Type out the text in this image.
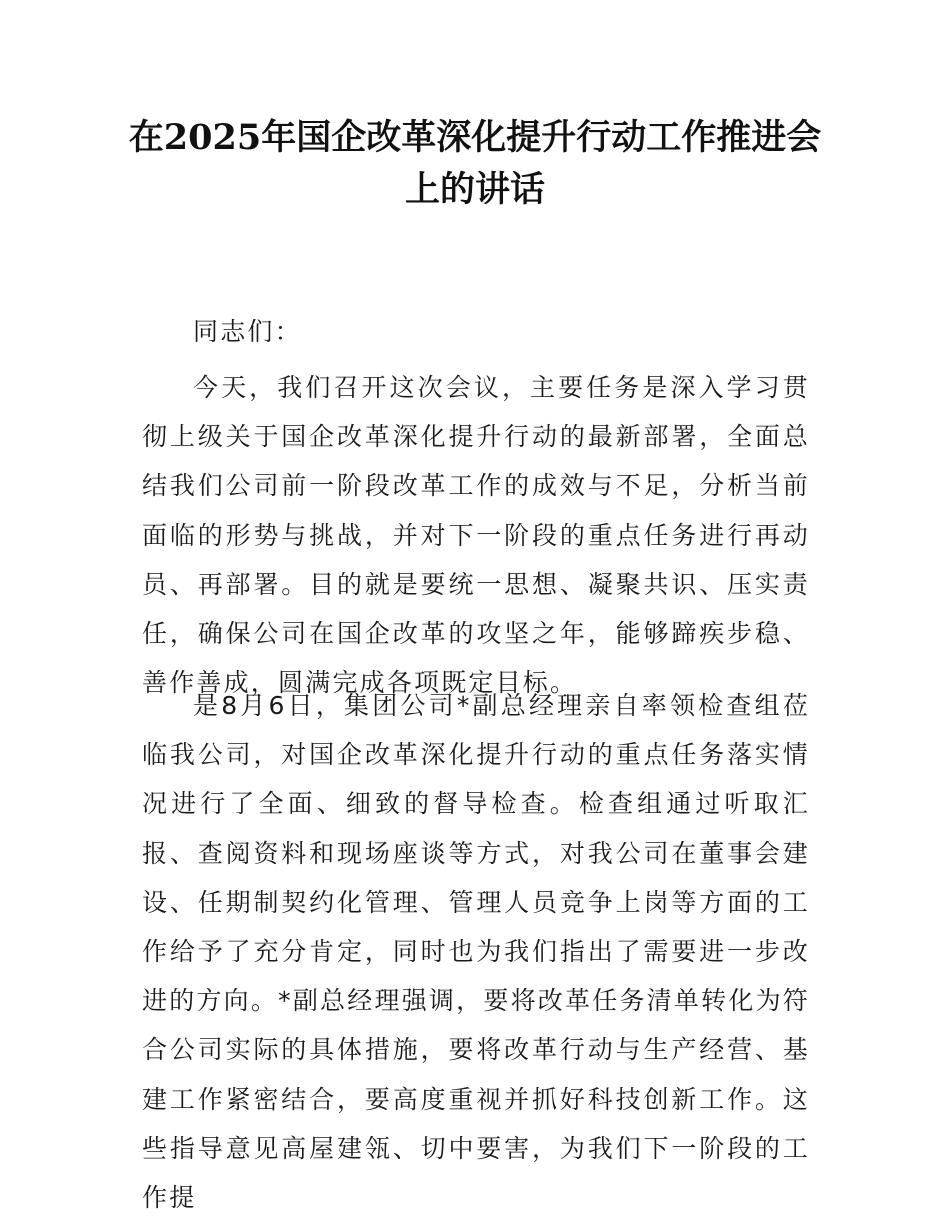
在2025年国企改革深化提升行动工作推进会上的讲话

同志们：

今天，我们召开这次会议，主要任务是深入学习贯彻上级关于国企改革深化提升行动的最新部署，全面总结我们公司前一阶段改革工作的成效与不足，分析当前面临的形势与挑战，并对下一阶段的重点任务进行再动员、再部署。目的就是要统一思想、凝聚共识、压实责任，确保公司在国企改革的攻坚之年，能够蹄疾步稳、善作善成，圆满完成各项既定目标。

是8月6日，集团公司*副总经理亲自率领检查组莅临我公司，对国企改革深化提升行动的重点任务落实情况进行了全面、细致的督导检查。检查组通过听取汇报、查阅资料和现场座谈等方式，对我公司在董事会建设、任期制契约化管理、管理人员竞争上岗等方面的工作给予了充分肯定，同时也为我们指出了需要进一步改进的方向。*副总经理强调，要将改革任务清单转化为符合公司实际的具体措施，要将改革行动与生产经营、基建工作紧密结合，要高度重视并抓好科技创新工作。这些指导意见高屋建瓴、切中要害，为我们下一阶段的工作提
